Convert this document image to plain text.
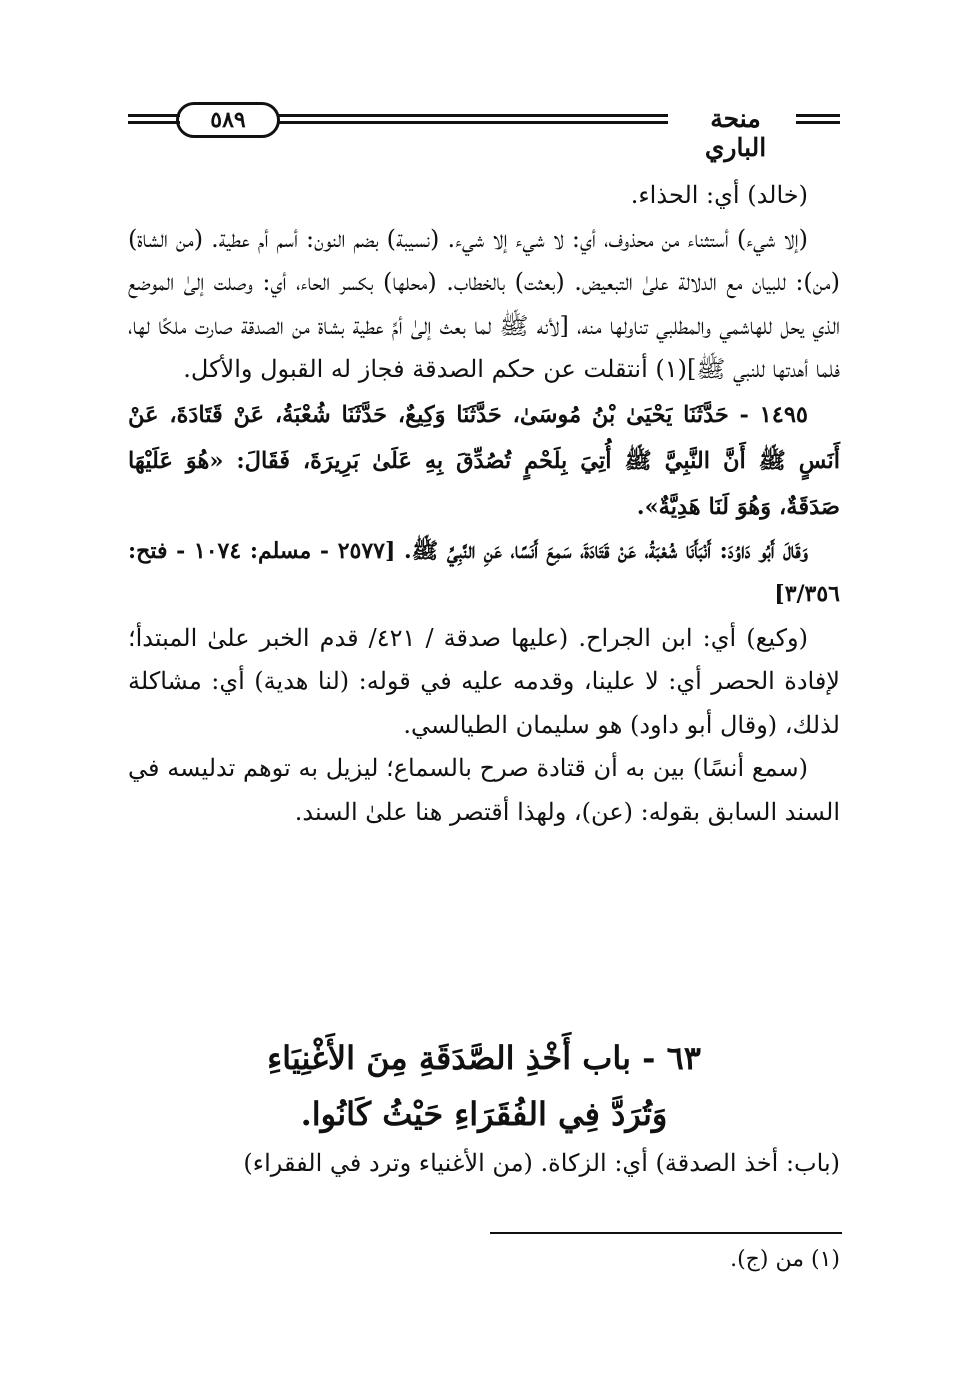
٥٨٩	منحة الباري

(خالد) أي: الحذاء.

(إلا شيء) أستثناء من محذوف، أي: لا شيء إلا شيء. (نسيبة) بضم النون: أسم أم عطية. (من الشاة) (من): للبيان مع الدلالة علىٰ التبعيض. (بعثت) بالخطاب. (محلها) بكسر الحاء، أي: وصلت إلىٰ الموضع الذي يحل للهاشمي والمطلبي تناولها منه، [لأنه ﷺ لما بعث إلىٰ أمِّ عطية بشاة من الصدقة صارت ملكًا لها، فلما أهدتها للنبي ﷺ](١) أنتقلت عن حكم الصدقة فجاز له القبول والأكل.

١٤٩٥ - حَدَّثَنَا يَحْيَىٰ بْنُ مُوسَىٰ، حَدَّثَنَا وَكِيعٌ، حَدَّثَنَا شُعْبَةُ، عَنْ قَتَادَةَ، عَنْ أَنَسٍ ﷺ أَنَّ النَّبِيَّ ﷺ أُتِيَ بِلَحْمٍ تُصُدِّقَ بِهِ عَلَىٰ بَرِيرَةَ، فَقَالَ: «هُوَ عَلَيْهَا صَدَقَةٌ، وَهُوَ لَنَا هَدِيَّةٌ».

وَقَالَ أَبُو دَاوُدَ: أَنْبَأَنَا شُعْبَةُ، عَنْ قَتَادَةَ، سَمِعَ أَنَسًا، عَنِ النَّبِيِّ ﷺ. [٢٥٧٧ - مسلم: ١٠٧٤ - فتح: ٣/٣٥٦]

(وكيع) أي: ابن الجراح. (عليها صدقة / ٤٢١/ قدم الخبر علىٰ المبتدأ؛ لإفادة الحصر أي: لا علينا، وقدمه عليه في قوله: (لنا هدية) أي: مشاكلة لذلك، (وقال أبو داود) هو سليمان الطيالسي.

(سمع أنسًا) بين به أن قتادة صرح بالسماع؛ ليزيل به توهم تدليسه في السند السابق بقوله: (عن)، ولهذا أقتصر هنا علىٰ السند.

٦٣ - باب أَخْذِ الصَّدَقَةِ مِنَ الأَغْنِيَاءِ
وَتُرَدَّ فِي الفُقَرَاءِ حَيْثُ كَانُوا.
(باب: أخذ الصدقة) أي: الزكاة. (من الأغنياء وترد في الفقراء)
(١) من (ج).
